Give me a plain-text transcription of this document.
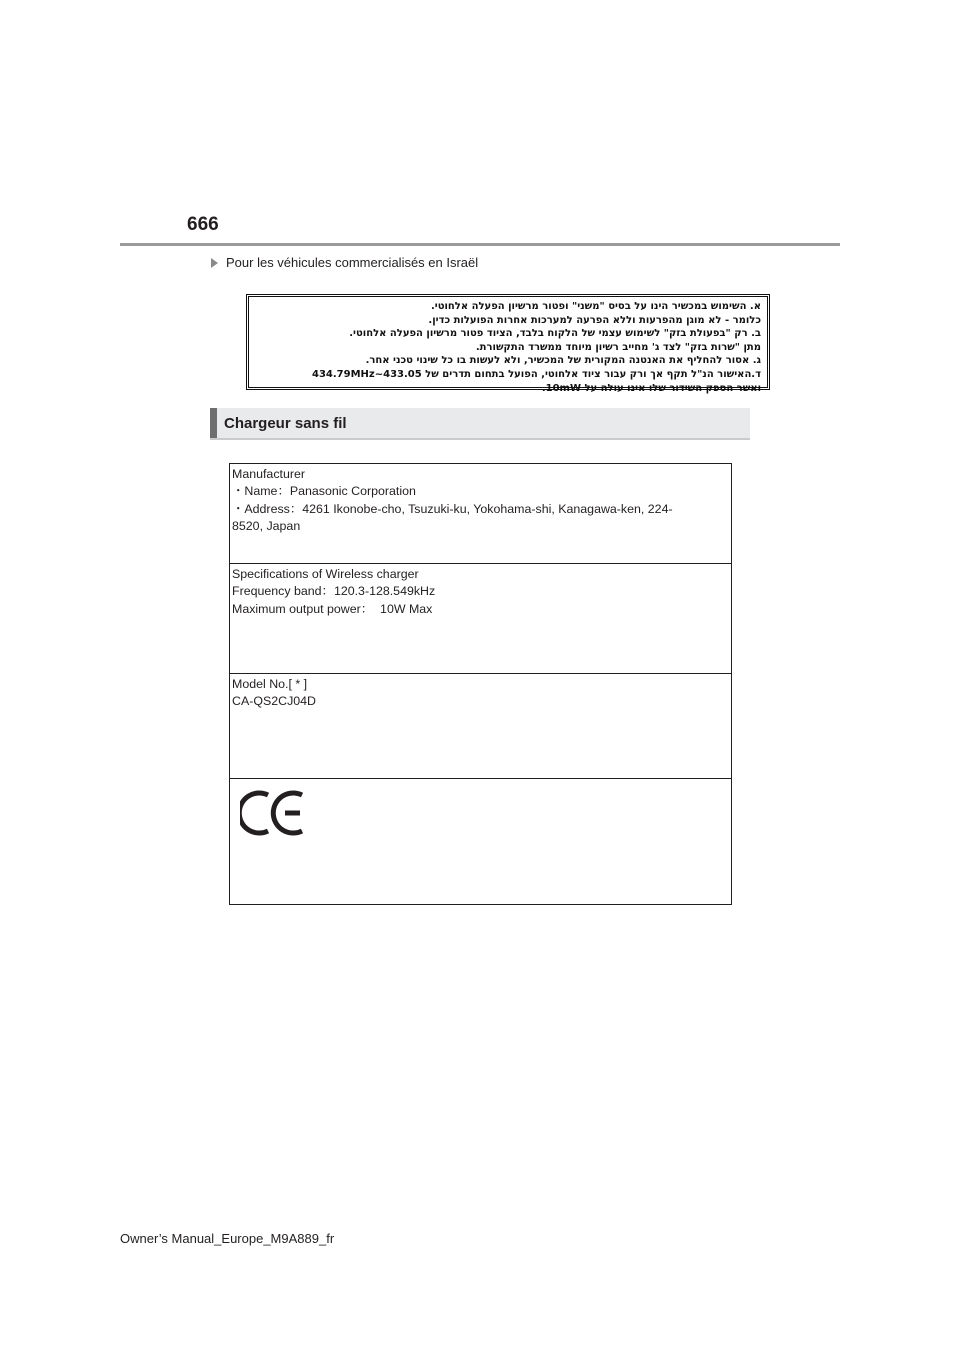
666
Pour les véhicules commercialisés en Israël
א. השימוש במכשיר הינו על בסיס "משני" ופטור מרשיון הפעלה אלחוטי.
כלומר - לא מוגן מהפרעות וללא הפרעה למערכות אחרות הפועלות כדין.
ב. רק "בפעולת בזק" לשימוש עצמי של הלקוח בלבד, הציוד פטור מרשיון הפעלה אלחוטי.
מתן "שרות בזק" לצד ג' מחייב רשיון מיוחד ממשרד התקשורת.
ג. אסור להחליף את האנטנה המקורית של המכשיר, ולא לעשות בו כל שינוי טכני אחר.
ד.האישור הנ"ל תקף אך ורק עבור ציוד אלחוטי, הפועל בתחום תדרים של 433.05~434.79MHz
ואשר הספק השידור שלו אינו עולה על 10mW.
Chargeur sans fil
Manufacturer
・Name：Panasonic Corporation
・Address：4261 Ikonobe-cho, Tsuzuki-ku, Yokohama-shi, Kanagawa-ken, 224-
8520, Japan
Specifications of Wireless charger
Frequency band：120.3-128.549kHz
Maximum output power：  10W Max
Model No.[ * ]
CA-QS2CJ04D
Owner’s Manual_Europe_M9A889_fr
